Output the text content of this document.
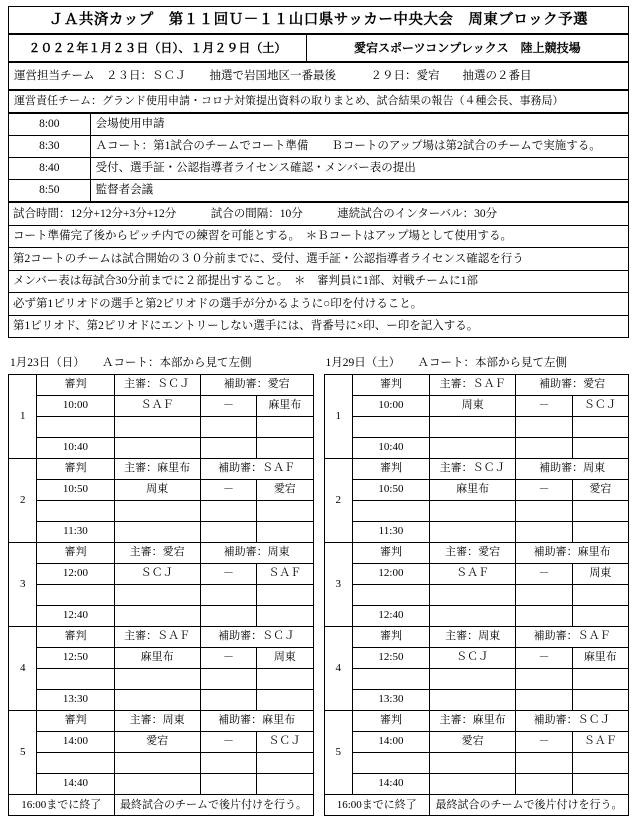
ＪＡ共済カップ　第１１回Ｕ－１１山口県サッカー中央大会　周東ブロック予選
２０２２年１月２３日（日）、１月２９日（土）	愛宕スポーツコンプレックス　陸上競技場
運営担当チーム　２３日：ＳＣＪ　　抽選で岩国地区一番最後　　　２９日：愛宕　　抽選の２番目
運営責任チーム：グランド使用申請・コロナ対策提出資料の取りまとめ、試合結果の報告（４種会長、事務局）
8:00	会場使用申請
8:30	Ａコート：第1試合のチームでコート準備　　Ｂコートのアップ場は第2試合のチームで実施する。
8:40	受付、選手証・公認指導者ライセンス確認・メンバー表の提出
8:50	監督者会議
試合時間：12分+12分+3分+12分　　　試合の間隔：10分　　　連続試合のインターバル：30分
コート準備完了後からピッチ内での練習を可能とする。　＊Ｂコートはアップ場として使用する。
第2コートのチームは試合開始の３０分前までに、受付、選手証・公認指導者ライセンス確認を行う
メンバー表は毎試合30分前までに２部提出すること。　＊　審判員に1部、対戦チームに1部
必ず第1ピリオドの選手と第2ピリオドの選手が分かるように○印を付けること。
第1ピリオド、第2ピリオドにエントリーしない選手には、背番号に×印、ー印を記入する。
1月23日（日）　　Ａコート：本部から見て左側
1	審判	主審：ＳＣＪ	補助審：愛宕	
	10:00	ＳＡＦ	－	麻里布

	10:40			
2	審判	主審：麻里布	補助審：ＳＡＦ	
	10:50	周東	－	愛宕

	11:30			
3	審判	主審：愛宕	補助審：周東	
	12:00	ＳＣＪ	－	ＳＡＦ

	12:40			
4	審判	主審：ＳＡＦ	補助審：ＳＣＪ	
	12:50	麻里布	－	周東

	13:30			
5	審判	主審：周東	補助審：麻里布	
	14:00	愛宕	－	ＳＣＪ

	14:40			
16:00までに終了		最終試合のチームで後片付けを行う。		
1月29日（土）　　Ａコート：本部から見て左側
1	審判	主審：ＳＡＦ	補助審：愛宕	
	10:00	周東	－	ＳＣＪ

	10:40			
2	審判	主審：ＳＣＪ	補助審：周東	
	10:50	麻里布	－	愛宕

	11:30			
3	審判	主審：愛宕	補助審：麻里布	
	12:00	ＳＡＦ	－	周東

	12:40			
4	審判	主審：周東	補助審：ＳＡＦ	
	12:50	ＳＣＪ	－	麻里布

	13:30			
5	審判	主審：麻里布	補助審：ＳＣＪ	
	14:00	愛宕	－	ＳＡＦ

	14:40			
16:00までに終了		最終試合のチームで後片付けを行う。		
